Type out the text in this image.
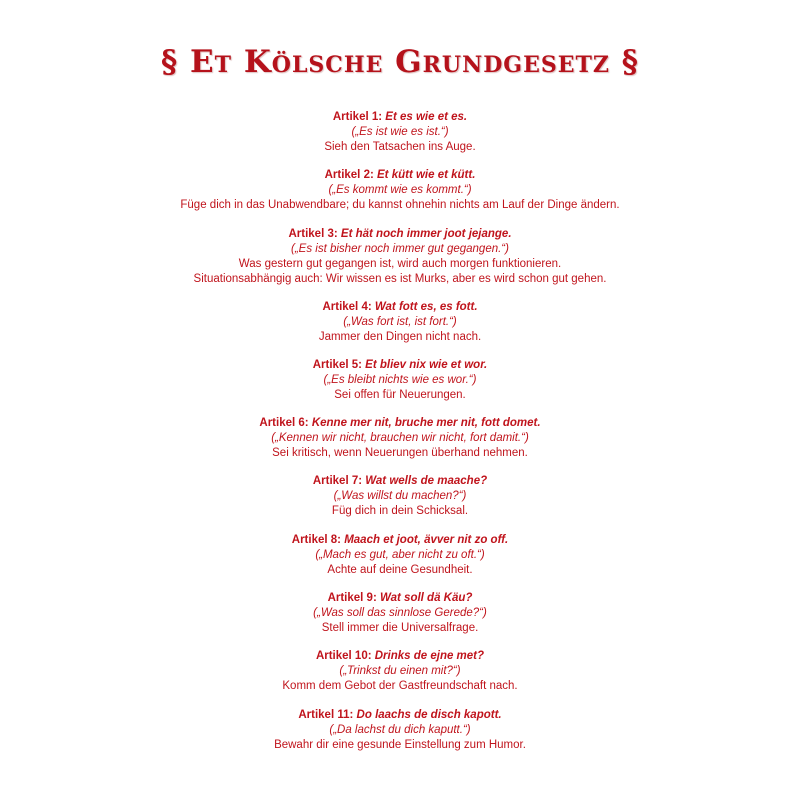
§ Et Kölsche Grundgesetz §
Artikel 1: Et es wie et es.
(„Es ist wie es ist.“)
Sieh den Tatsachen ins Auge.
Artikel 2: Et kütt wie et kütt.
(„Es kommt wie es kommt.“)
Füge dich in das Unabwendbare; du kannst ohnehin nichts am Lauf der Dinge ändern.
Artikel 3: Et hät noch immer joot jejange.
(„Es ist bisher noch immer gut gegangen.“)
Was gestern gut gegangen ist, wird auch morgen funktionieren.
Situationsabhängig auch: Wir wissen es ist Murks, aber es wird schon gut gehen.
Artikel 4: Wat fott es, es fott.
(„Was fort ist, ist fort.“)
Jammer den Dingen nicht nach.
Artikel 5: Et bliev nix wie et wor.
(„Es bleibt nichts wie es wor.“)
Sei offen für Neuerungen.
Artikel 6: Kenne mer nit, bruche mer nit, fott domet.
(„Kennen wir nicht, brauchen wir nicht, fort damit.“)
Sei kritisch, wenn Neuerungen überhand nehmen.
Artikel 7: Wat wells de maache?
(„Was willst du machen?“)
Füg dich in dein Schicksal.
Artikel 8: Maach et joot, ävver nit zo off.
(„Mach es gut, aber nicht zu oft.“)
Achte auf deine Gesundheit.
Artikel 9: Wat soll dä Käu?
(„Was soll das sinnlose Gerede?“)
Stell immer die Universalfrage.
Artikel 10: Drinks de ejne met?
(„Trinkst du einen mit?“)
Komm dem Gebot der Gastfreundschaft nach.
Artikel 11: Do laachs de disch kapott.
(„Da lachst du dich kaputt.“)
Bewahr dir eine gesunde Einstellung zum Humor.
